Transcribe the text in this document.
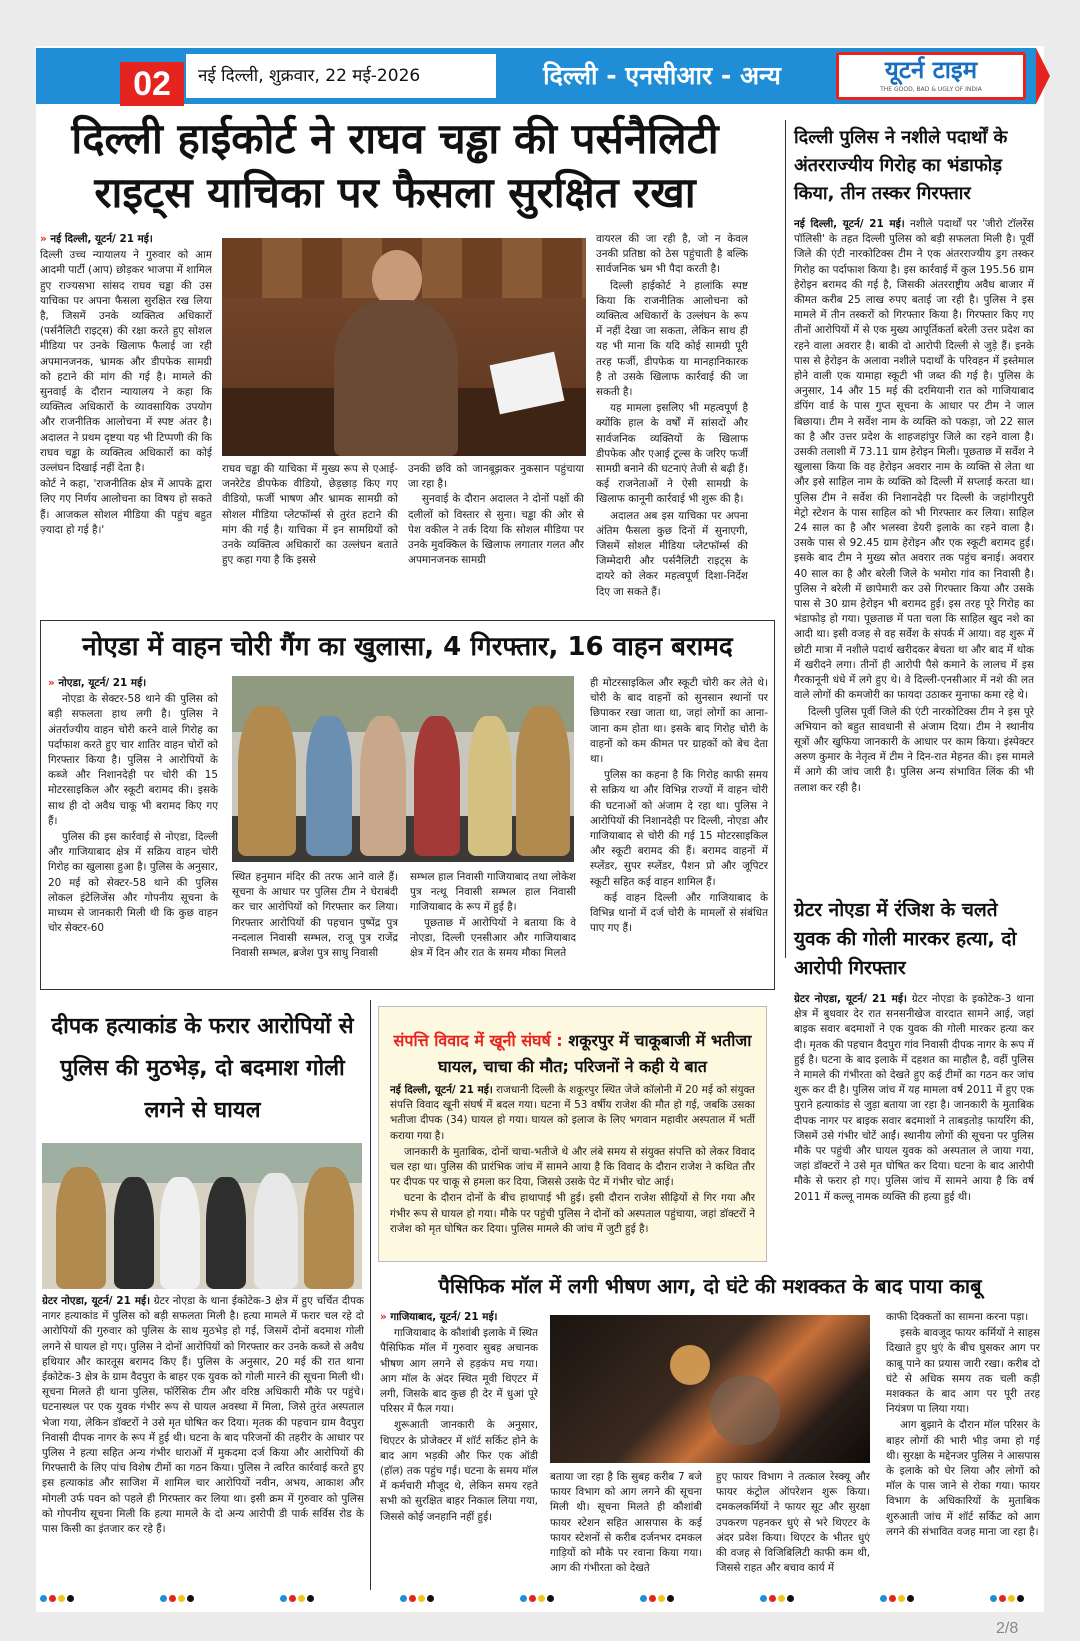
नई दिल्ली, शुक्रवार, 22 मई-2026
02	दिल्ली - एनसीआर - अन्य	यूटर्न टाइम
THE GOOD, BAD & UGLY OF INDIA
दिल्ली हाईकोर्ट ने राघव चड्ढा की पर्सनैलिटी राइट्स याचिका पर फैसला सुरक्षित रखा

» नई दिल्ली, यूटर्न/ 21 मई।

दिल्ली उच्च न्यायालय ने गुरुवार को आम आदमी पार्टी (आप) छोड़कर भाजपा में शामिल हुए राज्यसभा सांसद राघव चड्ढा की उस याचिका पर अपना फैसला सुरक्षित रख लिया है, जिसमें उनके व्यक्तित्व अधिकारों (पर्सनैलिटी राइट्स) की रक्षा करते हुए सोशल मीडिया पर उनके खिलाफ फैलाई जा रही अपमानजनक, भ्रामक और डीपफेक सामग्री को हटाने की मांग की गई है। मामले की सुनवाई के दौरान न्यायालय ने कहा कि व्यक्तित्व अधिकारों के व्यावसायिक उपयोग और राजनीतिक आलोचना में स्पष्ट अंतर है। अदालत ने प्रथम दृष्टया यह भी टिप्पणी की कि राघव चड्ढा के व्यक्तित्व अधिकारों का कोई उल्लंघन दिखाई नहीं देता है।

कोर्ट ने कहा, 'राजनीतिक क्षेत्र में आपके द्वारा लिए गए निर्णय आलोचना का विषय हो सकते हैं। आजकल सोशल मीडिया की पहुंच बहुत ज़्यादा हो गई है।'

राघव चड्ढा की याचिका में मुख्य रूप से एआई-जनरेटेड डीपफेक वीडियो, छेड़छाड़ किए गए वीडियो, फर्जी भाषण और भ्रामक सामग्री को सोशल मीडिया प्लेटफॉर्म्स से तुरंत हटाने की मांग की गई है। याचिका में इन सामग्रियों को उनके व्यक्तित्व अधिकारों का उल्लंघन बताते हुए कहा गया है कि इससे

उनकी छवि को जानबूझकर नुकसान पहुंचाया जा रहा है।

सुनवाई के दौरान अदालत ने दोनों पक्षों की दलीलों को विस्तार से सुना। चड्ढा की ओर से पेश वकील ने तर्क दिया कि सोशल मीडिया पर उनके मुवक्किल के खिलाफ लगातार गलत और अपमानजनक सामग्री

वायरल की जा रही है, जो न केवल उनकी प्रतिष्ठा को ठेस पहुंचाती है बल्कि सार्वजनिक भ्रम भी पैदा करती है।

दिल्ली हाईकोर्ट ने हालांकि स्पष्ट किया कि राजनीतिक आलोचना को व्यक्तित्व अधिकारों के उल्लंघन के रूप में नहीं देखा जा सकता, लेकिन साथ ही यह भी माना कि यदि कोई सामग्री पूरी तरह फर्जी, डीपफेक या मानहानिकारक है तो उसके खिलाफ कार्रवाई की जा सकती है।

यह मामला इसलिए भी महत्वपूर्ण है क्योंकि हाल के वर्षों में सांसदों और सार्वजनिक व्यक्तियों के खिलाफ डीपफेक और एआई टूल्स के जरिए फर्जी सामग्री बनाने की घटनाएं तेजी से बढ़ी हैं। कई राजनेताओं ने ऐसी सामग्री के खिलाफ कानूनी कार्रवाई भी शुरू की है।

अदालत अब इस याचिका पर अपना अंतिम फैसला कुछ दिनों में सुनाएगी, जिसमें सोशल मीडिया प्लेटफॉर्म्स की जिम्मेदारी और पर्सनैलिटी राइट्स के दायरे को लेकर महत्वपूर्ण दिशा-निर्देश दिए जा सकते हैं।

दिल्ली पुलिस ने नशीले पदार्थों के अंतरराज्यीय गिरोह का भंडाफोड़ किया, तीन तस्कर गिरफ्तार

नई दिल्ली, यूटर्न/ 21 मई। नशीले पदार्थों पर 'जीरो टॉलरेंस पॉलिसी' के तहत दिल्ली पुलिस को बड़ी सफलता मिली है। पूर्वी जिले की एंटी नारकोटिक्स टीम ने एक अंतरराज्यीय ड्रग तस्कर गिरोह का पर्दाफाश किया है। इस कार्रवाई में कुल 195.56 ग्राम हेरोइन बरामद की गई है, जिसकी अंतरराष्ट्रीय अवैध बाजार में कीमत करीब 25 लाख रुपए बताई जा रही है। पुलिस ने इस मामले में तीन तस्करों को गिरफ्तार किया है। गिरफ्तार किए गए तीनों आरोपियों में से एक मुख्य आपूर्तिकर्ता बरेली उत्तर प्रदेश का रहने वाला अवरार है। बाकी दो आरोपी दिल्ली से जुड़े हैं। इनके पास से हेरोइन के अलावा नशीले पदार्थों के परिवहन में इस्तेमाल होने वाली एक यामाहा स्कूटी भी जब्त की गई है। पुलिस के अनुसार, 14 और 15 मई की दरमियानी रात को गाजियाबाद डंपिंग वार्ड के पास गुप्त सूचना के आधार पर टीम ने जाल बिछाया। टीम ने सर्वेश नाम के व्यक्ति को पकड़ा, जो 22 साल का है और उत्तर प्रदेश के शाहजहांपुर जिले का रहने वाला है। उसकी तलाशी में 73.11 ग्राम हेरोइन मिली। पूछताछ में सर्वेश ने खुलासा किया कि वह हेरोइन अवरार नाम के व्यक्ति से लेता था और इसे साहिल नाम के व्यक्ति को दिल्ली में सप्लाई करता था। पुलिस टीम ने सर्वेश की निशानदेही पर दिल्ली के जहांगीरपुरी मेट्रो स्टेशन के पास साहिल को भी गिरफ्तार कर लिया। साहिल 24 साल का है और भलस्वा डेयरी इलाके का रहने वाला है। उसके पास से 92.45 ग्राम हेरोइन और एक स्कूटी बरामद हुई। इसके बाद टीम ने मुख्य स्रोत अवरार तक पहुंच बनाई। अवरार 40 साल का है और बरेली जिले के भमोरा गांव का निवासी है। पुलिस ने बरेली में छापेमारी कर उसे गिरफ्तार किया और उसके पास से 30 ग्राम हेरोइन भी बरामद हुई। इस तरह पूरे गिरोह का भंडाफोड़ हो गया। पूछताछ में पता चला कि साहिल खुद नशे का आदी था। इसी वजह से वह सर्वेश के संपर्क में आया। वह शुरू में छोटी मात्रा में नशीले पदार्थ खरीदकर बेचता था और बाद में थोक में खरीदने लगा। तीनों ही आरोपी पैसे कमाने के लालच में इस गैरकानूनी धंधे में लगे हुए थे। वे दिल्ली-एनसीआर में नशे की लत वाले लोगों की कमजोरी का फायदा उठाकर मुनाफा कमा रहे थे।

दिल्ली पुलिस पूर्वी जिले की एंटी नारकोटिक्स टीम ने इस पूरे अभियान को बहुत सावधानी से अंजाम दिया। टीम ने स्थानीय सूत्रों और खुफिया जानकारी के आधार पर काम किया। इंस्पेक्टर अरुण कुमार के नेतृत्व में टीम ने दिन-रात मेहनत की। इस मामले में आगे की जांच जारी है। पुलिस अन्य संभावित लिंक की भी तलाश कर रही है।

नोएडा में वाहन चोरी गैंग का खुलासा, 4 गिरफ्तार, 16 वाहन बरामद

» नोएडा, यूटर्न/ 21 मई।

नोएडा के सेक्टर-58 थाने की पुलिस को बड़ी सफलता हाथ लगी है। पुलिस ने अंतर्राज्यीय वाहन चोरी करने वाले गिरोह का पर्दाफाश करते हुए चार शातिर वाहन चोरों को गिरफ्तार किया है। पुलिस ने आरोपियों के कब्जे और निशानदेही पर चोरी की 15 मोटरसाइकिल और स्कूटी बरामद की। इसके साथ ही दो अवैध चाकू भी बरामद किए गए हैं।

पुलिस की इस कार्रवाई से नोएडा, दिल्ली और गाजियाबाद क्षेत्र में सक्रिय वाहन चोरी गिरोह का खुलासा हुआ है। पुलिस के अनुसार, 20 मई को सेक्टर-58 थाने की पुलिस लोकल इंटेलिजेंस और गोपनीय सूचना के माध्यम से जानकारी मिली थी कि कुछ वाहन चोर सेक्टर-60

स्थित हनुमान मंदिर की तरफ आने वाले हैं। सूचना के आधार पर पुलिस टीम ने घेराबंदी कर चार आरोपियों को गिरफ्तार कर लिया। गिरफ्तार आरोपियों की पहचान पुष्पेंद्र पुत्र नन्दलाल निवासी सम्भल, राजू पुत्र राजेंद्र निवासी सम्भल, ब्रजेश पुत्र साधु निवासी

सम्भल हाल निवासी गाजियाबाद तथा लोकेश पुत्र नत्थू निवासी सम्भल हाल निवासी गाजियाबाद के रूप में हुई है।

पूछताछ में आरोपियों ने बताया कि वे नोएडा, दिल्ली एनसीआर और गाजियाबाद क्षेत्र में दिन और रात के समय मौका मिलते

ही मोटरसाइकिल और स्कूटी चोरी कर लेते थे। चोरी के बाद वाहनों को सुनसान स्थानों पर छिपाकर रखा जाता था, जहां लोगों का आना-जाना कम होता था। इसके बाद गिरोह चोरी के वाहनों को कम कीमत पर ग्राहकों को बेच देता था।

पुलिस का कहना है कि गिरोह काफी समय से सक्रिय था और विभिन्न राज्यों में वाहन चोरी की घटनाओं को अंजाम दे रहा था। पुलिस ने आरोपियों की निशानदेही पर दिल्ली, नोएडा और गाजियाबाद से चोरी की गई 15 मोटरसाइकिल और स्कूटी बरामद की हैं। बरामद वाहनों में स्प्लेंडर, सुपर स्प्लेंडर, पैशन प्रो और जूपिटर स्कूटी सहित कई वाहन शामिल हैं।

कई वाहन दिल्ली और गाजियाबाद के विभिन्न थानों में दर्ज चोरी के मामलों से संबंधित पाए गए हैं।

ग्रेटर नोएडा में रंजिश के चलते युवक की गोली मारकर हत्या, दो आरोपी गिरफ्तार

ग्रेटर नोएडा, यूटर्न/ 21 मई। ग्रेटर नोएडा के इकोटेक-3 थाना क्षेत्र में बुधवार देर रात सनसनीखेज वारदात सामने आई, जहां बाइक सवार बदमाशों ने एक युवक की गोली मारकर हत्या कर दी। मृतक की पहचान वैदपुरा गांव निवासी दीपक नागर के रूप में हुई है। घटना के बाद इलाके में दहशत का माहौल है, वहीं पुलिस ने मामले की गंभीरता को देखते हुए कई टीमों का गठन कर जांच शुरू कर दी है। पुलिस जांच में यह मामला वर्ष 2011 में हुए एक पुराने हत्याकांड से जुड़ा बताया जा रहा है। जानकारी के मुताबिक दीपक नागर पर बाइक सवार बदमाशों ने ताबड़तोड़ फायरिंग की, जिसमें उसे गंभीर चोटें आईं। स्थानीय लोगों की सूचना पर पुलिस मौके पर पहुंची और घायल युवक को अस्पताल ले जाया गया, जहां डॉक्टरों ने उसे मृत घोषित कर दिया। घटना के बाद आरोपी मौके से फरार हो गए। पुलिस जांच में सामने आया है कि वर्ष 2011 में कल्लू नामक व्यक्ति की हत्या हुई थी।

दीपक हत्याकांड के फरार आरोपियों से पुलिस की मुठभेड़, दो बदमाश गोली लगने से घायल

ग्रेटर नोएडा, यूटर्न/ 21 मई। ग्रेटर नोएडा के थाना ईकोटेक-3 क्षेत्र में हुए चर्चित दीपक नागर हत्याकांड में पुलिस को बड़ी सफलता मिली है। हत्या मामले में फरार चल रहे दो आरोपियों की गुरुवार को पुलिस के साथ मुठभेड़ हो गई, जिसमें दोनों बदमाश गोली लगने से घायल हो गए। पुलिस ने दोनों आरोपियों को गिरफ्तार कर उनके कब्जे से अवैध हथियार और कारतूस बरामद किए हैं। पुलिस के अनुसार, 20 मई की रात थाना ईकोटेक-3 क्षेत्र के ग्राम वैदपुरा के बाहर एक युवक को गोली मारने की सूचना मिली थी। सूचना मिलते ही थाना पुलिस, फॉरेंसिक टीम और वरिष्ठ अधिकारी मौके पर पहुंचे। घटनास्थल पर एक युवक गंभीर रूप से घायल अवस्था में मिला, जिसे तुरंत अस्पताल भेजा गया, लेकिन डॉक्टरों ने उसे मृत घोषित कर दिया। मृतक की पहचान ग्राम वैदपुरा निवासी दीपक नागर के रूप में हुई थी। घटना के बाद परिजनों की तहरीर के आधार पर पुलिस ने हत्या सहित अन्य गंभीर धाराओं में मुकदमा दर्ज किया और आरोपियों की गिरफ्तारी के लिए पांच विशेष टीमों का गठन किया। पुलिस ने त्वरित कार्रवाई करते हुए इस हत्याकांड और साजिश में शामिल चार आरोपियों नवीन, अभय, आकाश और मोगली उर्फ पवन को पहले ही गिरफ्तार कर लिया था। इसी क्रम में गुरुवार को पुलिस को गोपनीय सूचना मिली कि हत्या मामले के दो अन्य आरोपी डी पार्क सर्विस रोड के पास किसी का इंतजार कर रहे हैं।

संपत्ति विवाद में खूनी संघर्ष : शकूरपुर में चाकूबाजी में भतीजा घायल, चाचा की मौत; परिजनों ने कही ये बात

नई दिल्ली, यूटर्न/ 21 मई। राजधानी दिल्ली के शकूरपुर स्थित जेजे कॉलोनी में 20 मई को संयुक्त संपत्ति विवाद खूनी संघर्ष में बदल गया। घटना में 53 वर्षीय राजेश की मौत हो गई, जबकि उसका भतीजा दीपक (34) घायल हो गया। घायल को इलाज के लिए भगवान महावीर अस्पताल में भर्ती कराया गया है।

जानकारी के मुताबिक, दोनों चाचा-भतीजे थे और लंबे समय से संयुक्त संपत्ति को लेकर विवाद चल रहा था। पुलिस की प्रारंभिक जांच में सामने आया है कि विवाद के दौरान राजेश ने कथित तौर पर दीपक पर चाकू से हमला कर दिया, जिससे उसके पेट में गंभीर चोट आई।

घटना के दौरान दोनों के बीच हाथापाई भी हुई। इसी दौरान राजेश सीढ़ियों से गिर गया और गंभीर रूप से घायल हो गया। मौके पर पहुंची पुलिस ने दोनों को अस्पताल पहुंचाया, जहां डॉक्टरों ने राजेश को मृत घोषित कर दिया। पुलिस मामले की जांच में जुटी हुई है।

पैसिफिक मॉल में लगी भीषण आग, दो घंटे की मशक्कत के बाद पाया काबू

» गाजियाबाद, यूटर्न/ 21 मई।

गाजियाबाद के कौशांबी इलाके में स्थित पैसिफिक मॉल में गुरुवार सुबह अचानक भीषण आग लगने से हड़कंप मच गया। आग मॉल के अंदर स्थित मूवी थिएटर में लगी, जिसके बाद कुछ ही देर में धुआं पूरे परिसर में फैल गया।

शुरूआती जानकारी के अनुसार, थिएटर के प्रोजेक्टर में शॉर्ट सर्किट होने के बाद आग भड़की और फिर एक ऑडी (हॉल) तक पहुंच गई। घटना के समय मॉल में कर्मचारी मौजूद थे, लेकिन समय रहते सभी को सुरक्षित बाहर निकाल लिया गया, जिससे कोई जनहानि नहीं हुई।

बताया जा रहा है कि सुबह करीब 7 बजे फायर विभाग को आग लगने की सूचना मिली थी। सूचना मिलते ही कौशांबी फायर स्टेशन सहित आसपास के कई फायर स्टेशनों से करीब दर्जनभर दमकल गाड़ियों को मौके पर रवाना किया गया। आग की गंभीरता को देखते
हुए फायर विभाग ने तत्काल रेस्क्यू और फायर कंट्रोल ऑपरेशन शुरू किया। दमकलकर्मियों ने फायर सूट और सुरक्षा उपकरण पहनकर धुएं से भरे थिएटर के अंदर प्रवेश किया। थिएटर के भीतर धुएं की वजह से विजिबिलिटी काफी कम थी, जिससे राहत और बचाव कार्य में

काफी दिक्कतों का सामना करना पड़ा।

इसके बावजूद फायर कर्मियों ने साहस दिखाते हुए धुएं के बीच घुसकर आग पर काबू पाने का प्रयास जारी रखा। करीब दो घंटे से अधिक समय तक चली कड़ी मशक्कत के बाद आग पर पूरी तरह नियंत्रण पा लिया गया।

आग बुझाने के दौरान मॉल परिसर के बाहर लोगों की भारी भीड़ जमा हो गई थी। सुरक्षा के मद्देनजर पुलिस ने आसपास के इलाके को घेर लिया और लोगों को मॉल के पास जाने से रोका गया। फायर विभाग के अधिकारियों के मुताबिक शुरुआती जांच में शॉर्ट सर्किट को आग लगने की संभावित वजह माना जा रहा है।

2/8
